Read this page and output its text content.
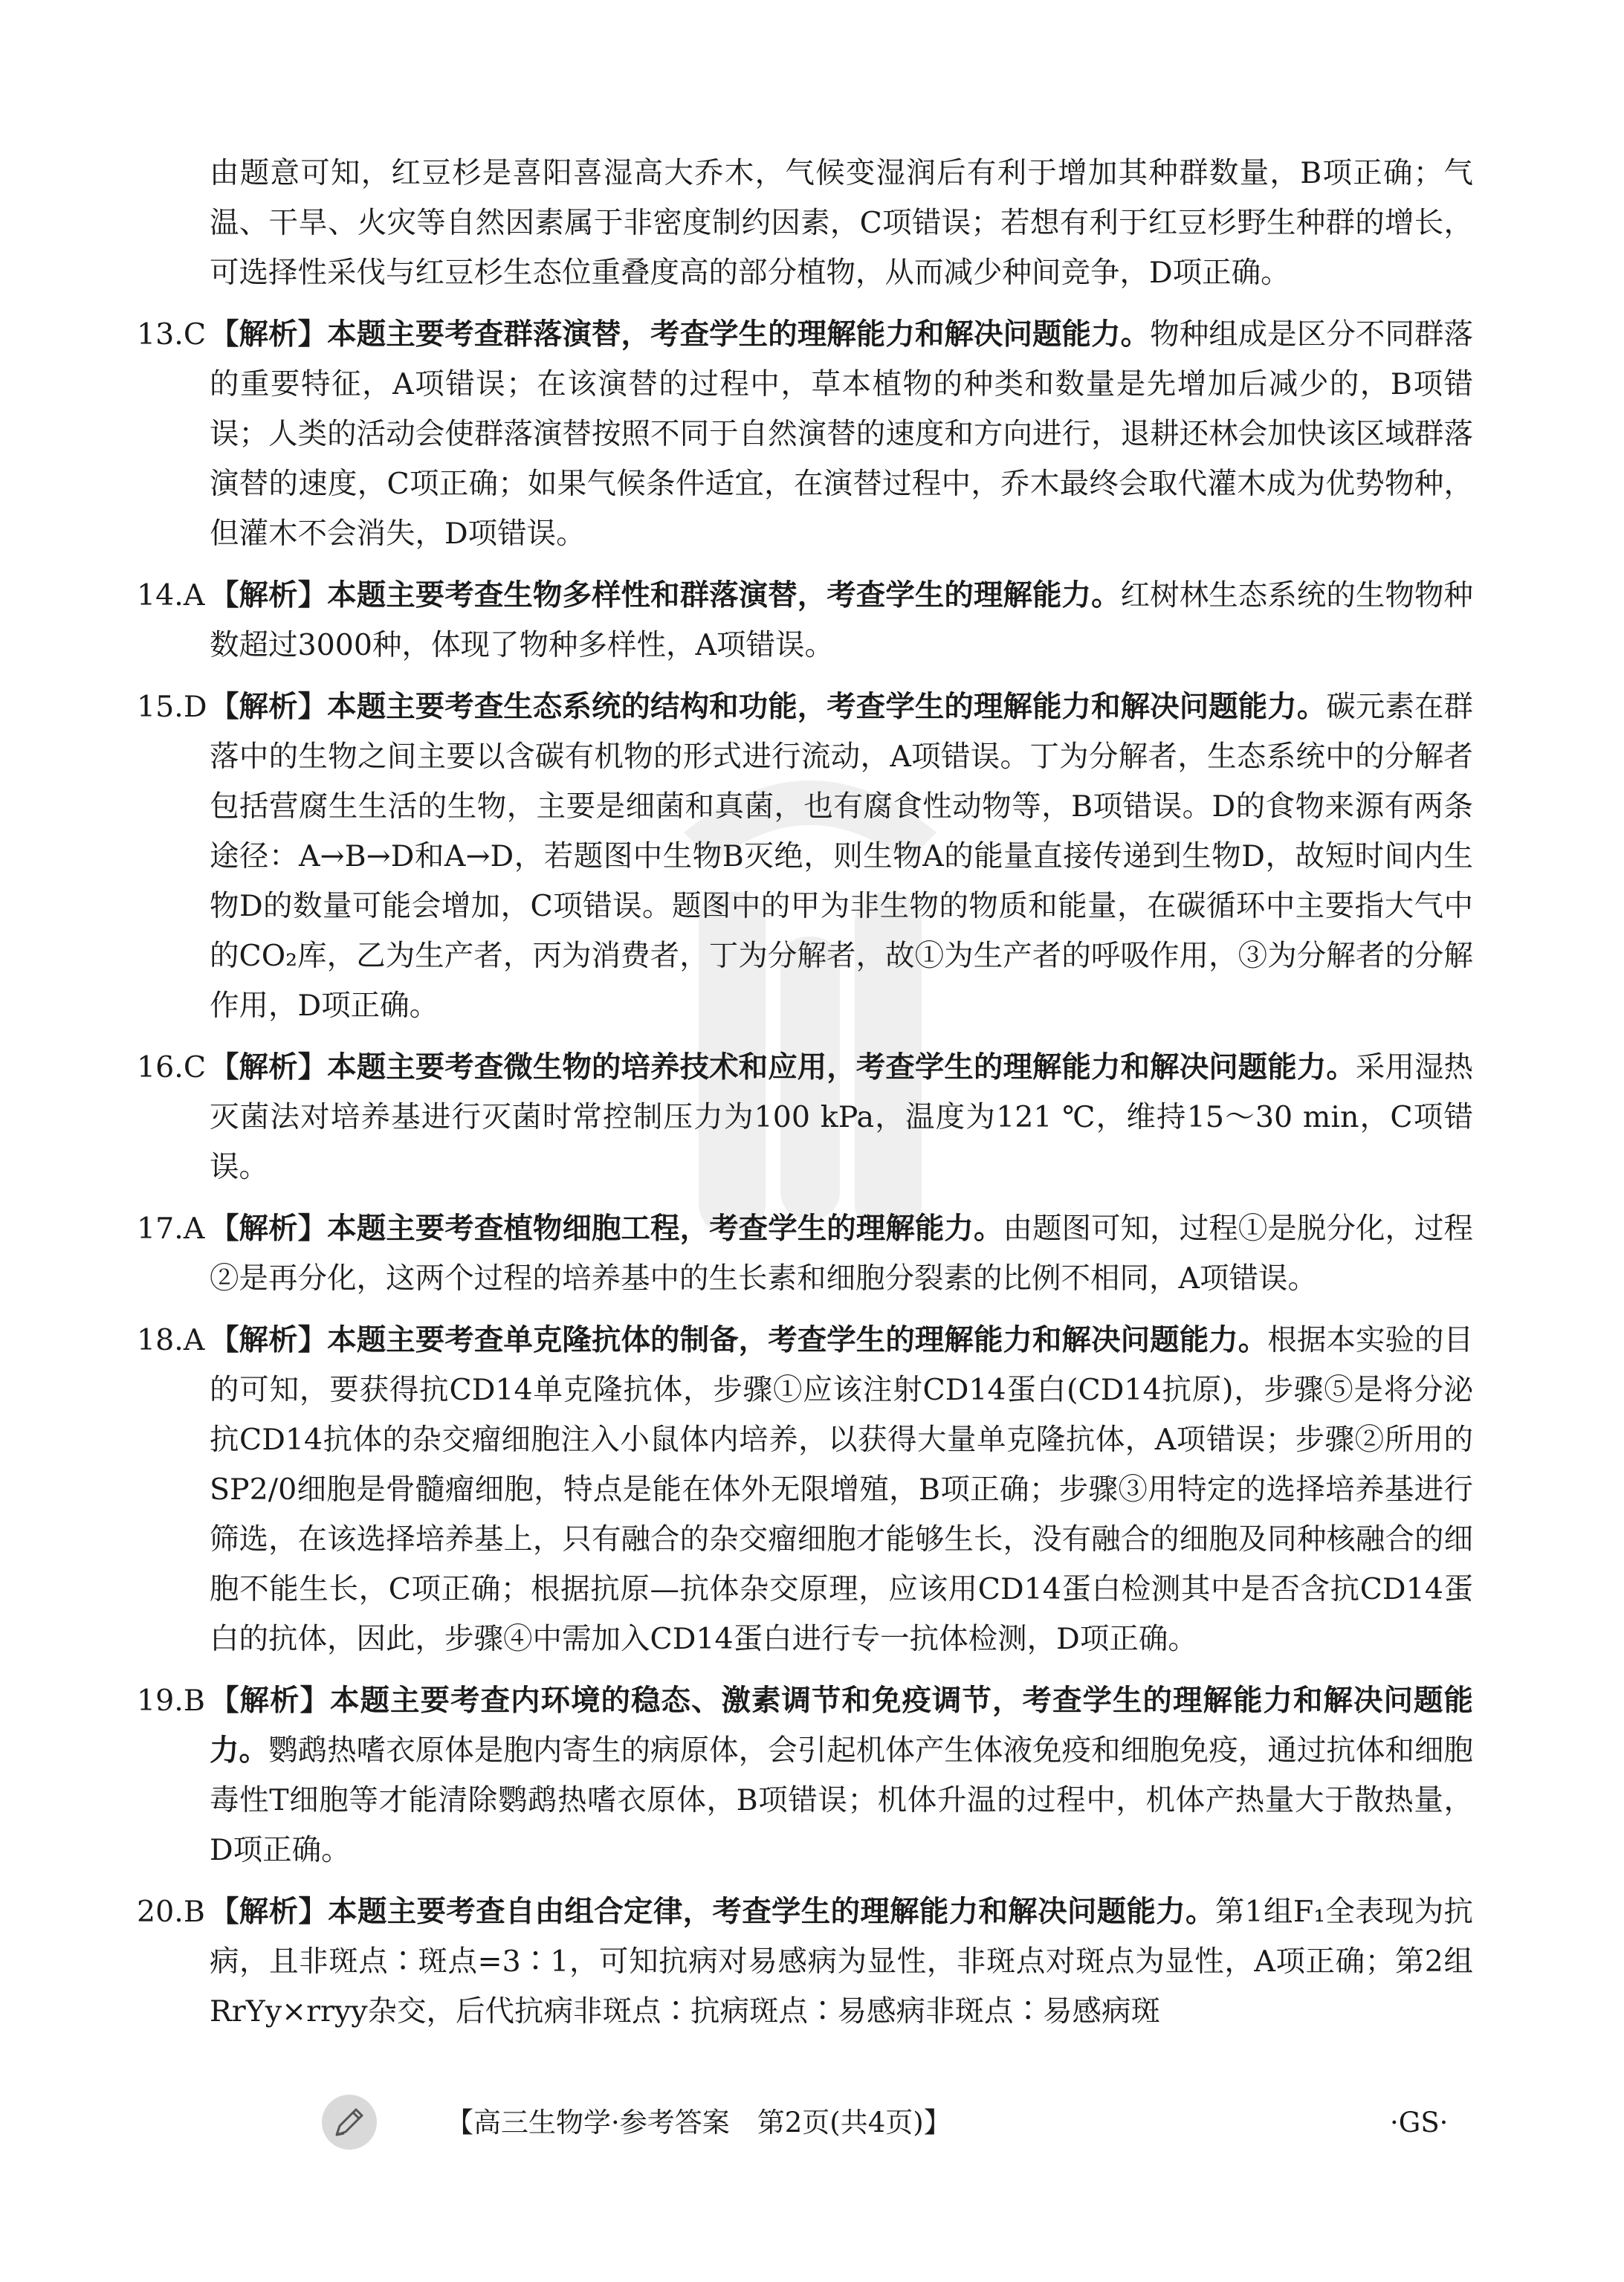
由题意可知，红豆杉是喜阳喜湿高大乔木，气候变湿润后有利于增加其种群数量，B项正确；气温、干旱、火灾等自然因素属于非密度制约因素，C项错误；若想有利于红豆杉野生种群的增长，可选择性采伐与红豆杉生态位重叠度高的部分植物，从而减少种间竞争，D项正确。

13.C 【解析】本题主要考查群落演替，考查学生的理解能力和解决问题能力。物种组成是区分不同群落的重要特征，A项错误；在该演替的过程中，草本植物的种类和数量是先增加后减少的，B项错误；人类的活动会使群落演替按照不同于自然演替的速度和方向进行，退耕还林会加快该区域群落演替的速度，C项正确；如果气候条件适宜，在演替过程中，乔木最终会取代灌木成为优势物种，但灌木不会消失，D项错误。
14.A 【解析】本题主要考查生物多样性和群落演替，考查学生的理解能力。红树林生态系统的生物物种数超过3000种，体现了物种多样性，A项错误。
15.D 【解析】本题主要考查生态系统的结构和功能，考查学生的理解能力和解决问题能力。碳元素在群落中的生物之间主要以含碳有机物的形式进行流动，A项错误。丁为分解者，生态系统中的分解者包括营腐生生活的生物，主要是细菌和真菌，也有腐食性动物等，B项错误。D的食物来源有两条途径：A→B→D和A→D，若题图中生物B灭绝，则生物A的能量直接传递到生物D，故短时间内生物D的数量可能会增加，C项错误。题图中的甲为非生物的物质和能量，在碳循环中主要指大气中的CO₂库，乙为生产者，丙为消费者，丁为分解者，故①为生产者的呼吸作用，③为分解者的分解作用，D项正确。
16.C 【解析】本题主要考查微生物的培养技术和应用，考查学生的理解能力和解决问题能力。采用湿热灭菌法对培养基进行灭菌时常控制压力为100 kPa，温度为121 ℃，维持15～30 min，C项错误。
17.A 【解析】本题主要考查植物细胞工程，考查学生的理解能力。由题图可知，过程①是脱分化，过程②是再分化，这两个过程的培养基中的生长素和细胞分裂素的比例不相同，A项错误。
18.A 【解析】本题主要考查单克隆抗体的制备，考查学生的理解能力和解决问题能力。根据本实验的目的可知，要获得抗CD14单克隆抗体，步骤①应该注射CD14蛋白(CD14抗原)，步骤⑤是将分泌抗CD14抗体的杂交瘤细胞注入小鼠体内培养，以获得大量单克隆抗体，A项错误；步骤②所用的SP2/0细胞是骨髓瘤细胞，特点是能在体外无限增殖，B项正确；步骤③用特定的选择培养基进行筛选，在该选择培养基上，只有融合的杂交瘤细胞才能够生长，没有融合的细胞及同种核融合的细胞不能生长，C项正确；根据抗原—抗体杂交原理，应该用CD14蛋白检测其中是否含抗CD14蛋白的抗体，因此，步骤④中需加入CD14蛋白进行专一抗体检测，D项正确。
19.B 【解析】本题主要考查内环境的稳态、激素调节和免疫调节，考查学生的理解能力和解决问题能力。鹦鹉热嗜衣原体是胞内寄生的病原体，会引起机体产生体液免疫和细胞免疫，通过抗体和细胞毒性T细胞等才能清除鹦鹉热嗜衣原体，B项错误；机体升温的过程中，机体产热量大于散热量，D项正确。
20.B 【解析】本题主要考查自由组合定律，考查学生的理解能力和解决问题能力。第1组F₁全表现为抗病，且非斑点∶斑点=3∶1，可知抗病对易感病为显性，非斑点对斑点为显性，A项正确；第2组RrYy×rryy杂交，后代抗病非斑点∶抗病斑点∶易感病非斑点∶易感病斑
【高三生物学·参考答案　第2页(共4页)】	·GS·
